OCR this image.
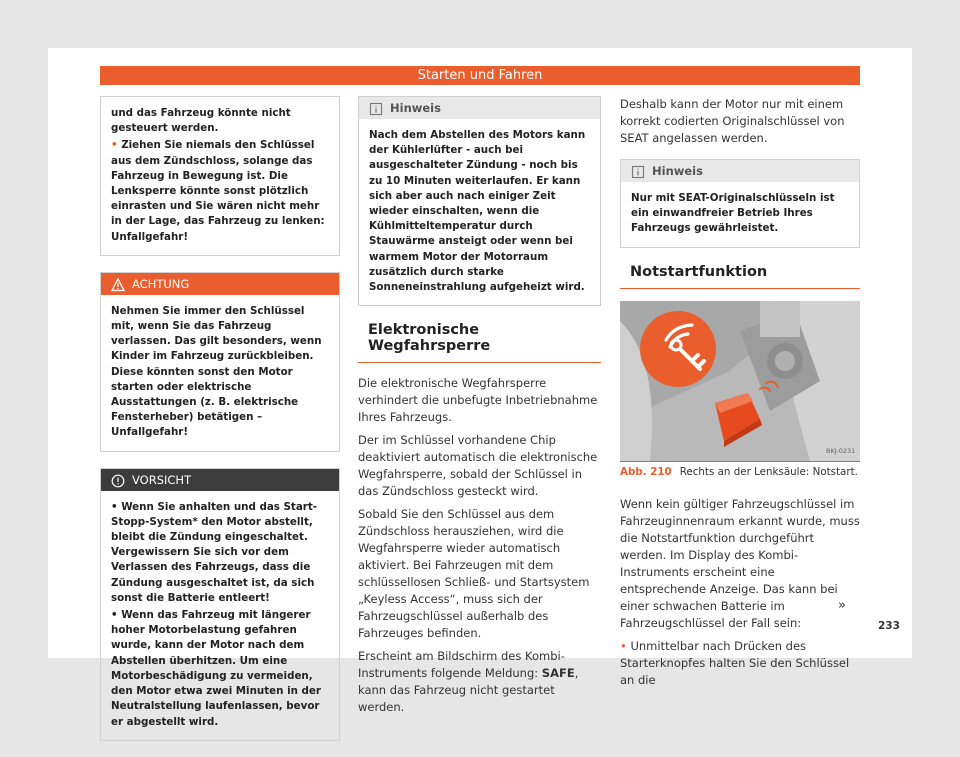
Starten und Fahren

und das Fahrzeug könnte nicht gesteuert werden.

• Ziehen Sie niemals den Schlüssel aus dem Zündschloss, solange das Fahrzeug in Bewegung ist. Die Lenksperre könnte sonst plötzlich einrasten und Sie wären nicht mehr in der Lage, das Fahrzeug zu lenken: Unfallgefahr!

ACHTUNG

Nehmen Sie immer den Schlüssel mit, wenn Sie das Fahrzeug verlassen. Das gilt besonders, wenn Kinder im Fahrzeug zurückbleiben. Diese könnten sonst den Motor starten oder elektrische Ausstattungen (z. B. elektrische Fensterheber) betätigen – Unfallgefahr!

VORSICHT

• Wenn Sie anhalten und das Start-Stopp-System* den Motor abstellt, bleibt die Zündung eingeschaltet. Vergewissern Sie sich vor dem Verlassen des Fahrzeugs, dass die Zündung ausgeschaltet ist, da sich sonst die Batterie entleert!

• Wenn das Fahrzeug mit längerer hoher Motorbelastung gefahren wurde, kann der Motor nach dem Abstellen überhitzen. Um eine Motorbeschädigung zu vermeiden, den Motor etwa zwei Minuten in der Neutralstellung laufenlassen, bevor er abgestellt wird.

Hinweis

Nach dem Abstellen des Motors kann der Kühlerlüfter - auch bei ausgeschalteter Zündung - noch bis zu 10 Minuten weiterlaufen. Er kann sich aber auch nach einiger Zeit wieder einschalten, wenn die Kühlmitteltemperatur durch Stauwärme ansteigt oder wenn bei warmem Motor der Motorraum zusätzlich durch starke Sonneneinstrahlung aufgeheizt wird.

Elektronische Wegfahrsperre

Die elektronische Wegfahrsperre verhindert die unbefugte Inbetriebnahme Ihres Fahrzeugs.

Der im Schlüssel vorhandene Chip deaktiviert automatisch die elektronische Wegfahrsperre, sobald der Schlüssel in das Zündschloss gesteckt wird.

Sobald Sie den Schlüssel aus dem Zündschloss herausziehen, wird die Wegfahrsperre wieder automatisch aktiviert. Bei Fahrzeugen mit dem schlüssellosen Schließ- und Startsystem „Keyless Access“, muss sich der Fahrzeugschlüssel außerhalb des Fahrzeuges befinden.

Erscheint am Bildschirm des Kombi-Instruments folgende Meldung: SAFE, kann das Fahrzeug nicht gestartet werden.

Deshalb kann der Motor nur mit einem korrekt codierten Originalschlüssel von SEAT angelassen werden.

Hinweis

Nur mit SEAT-Originalschlüsseln ist ein einwandfreier Betrieb Ihres Fahrzeugs gewährleistet.

Notstartfunktion
BKJ-0231
Abb. 210 Rechts an der Lenksäule: Notstart.

Wenn kein gültiger Fahrzeugschlüssel im Fahrzeuginnenraum erkannt wurde, muss die Notstartfunktion durchgeführt werden. Im Display des Kombi-Instruments erscheint eine entsprechende Anzeige. Das kann bei einer schwachen Batterie im Fahrzeugschlüssel der Fall sein:

• Unmittelbar nach Drücken des Starterknopfes halten Sie den Schlüssel an die

»
233
